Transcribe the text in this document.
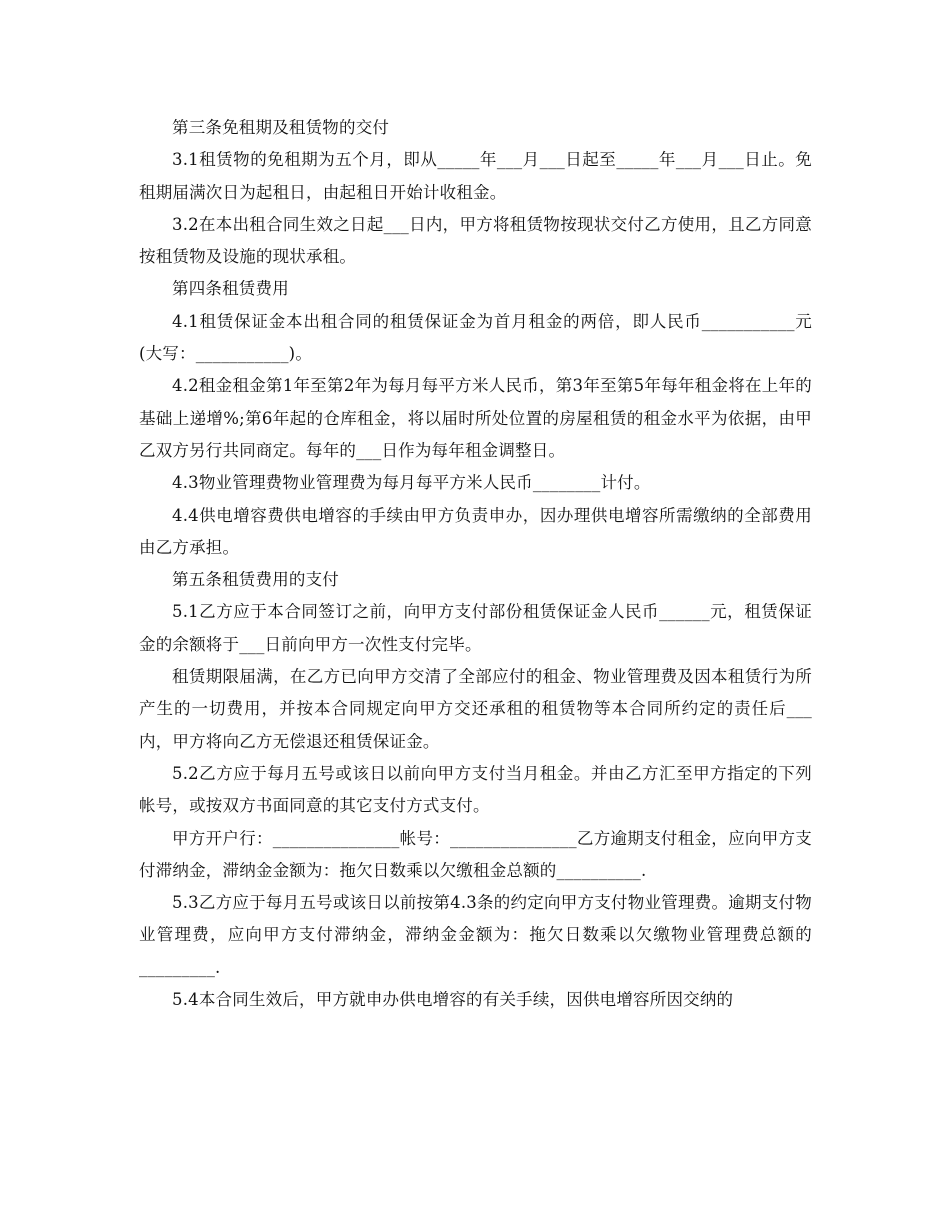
第三条免租期及租赁物的交付

3.1租赁物的免租期为五个月，即从_____年___月___日起至_____年___月___日止。免租期届满次日为起租日，由起租日开始计收租金。

3.2在本出租合同生效之日起___日内，甲方将租赁物按现状交付乙方使用，且乙方同意按租赁物及设施的现状承租。

第四条租赁费用

4.1租赁保证金本出租合同的租赁保证金为首月租金的两倍，即人民币___________元(大写：___________)。

4.2租金租金第1年至第2年为每月每平方米人民币，第3年至第5年每年租金将在上年的基础上递增%;第6年起的仓库租金，将以届时所处位置的房屋租赁的租金水平为依据，由甲乙双方另行共同商定。每年的___日作为每年租金调整日。

4.3物业管理费物业管理费为每月每平方米人民币________计付。

4.4供电增容费供电增容的手续由甲方负责申办，因办理供电增容所需缴纳的全部费用由乙方承担。

第五条租赁费用的支付

5.1乙方应于本合同签订之前，向甲方支付部份租赁保证金人民币______元，租赁保证金的余额将于___日前向甲方一次性支付完毕。

租赁期限届满，在乙方已向甲方交清了全部应付的租金、物业管理费及因本租赁行为所产生的一切费用，并按本合同规定向甲方交还承租的租赁物等本合同所约定的责任后___内，甲方将向乙方无偿退还租赁保证金。

5.2乙方应于每月五号或该日以前向甲方支付当月租金。并由乙方汇至甲方指定的下列帐号，或按双方书面同意的其它支付方式支付。

甲方开户行：_______________帐号：_______________乙方逾期支付租金，应向甲方支付滞纳金，滞纳金金额为：拖欠日数乘以欠缴租金总额的__________.

5.3乙方应于每月五号或该日以前按第4.3条的约定向甲方支付物业管理费。逾期支付物业管理费，应向甲方支付滞纳金，滞纳金金额为：拖欠日数乘以欠缴物业管理费总额的_________.

5.4本合同生效后，甲方就申办供电增容的有关手续，因供电增容所因交纳的
